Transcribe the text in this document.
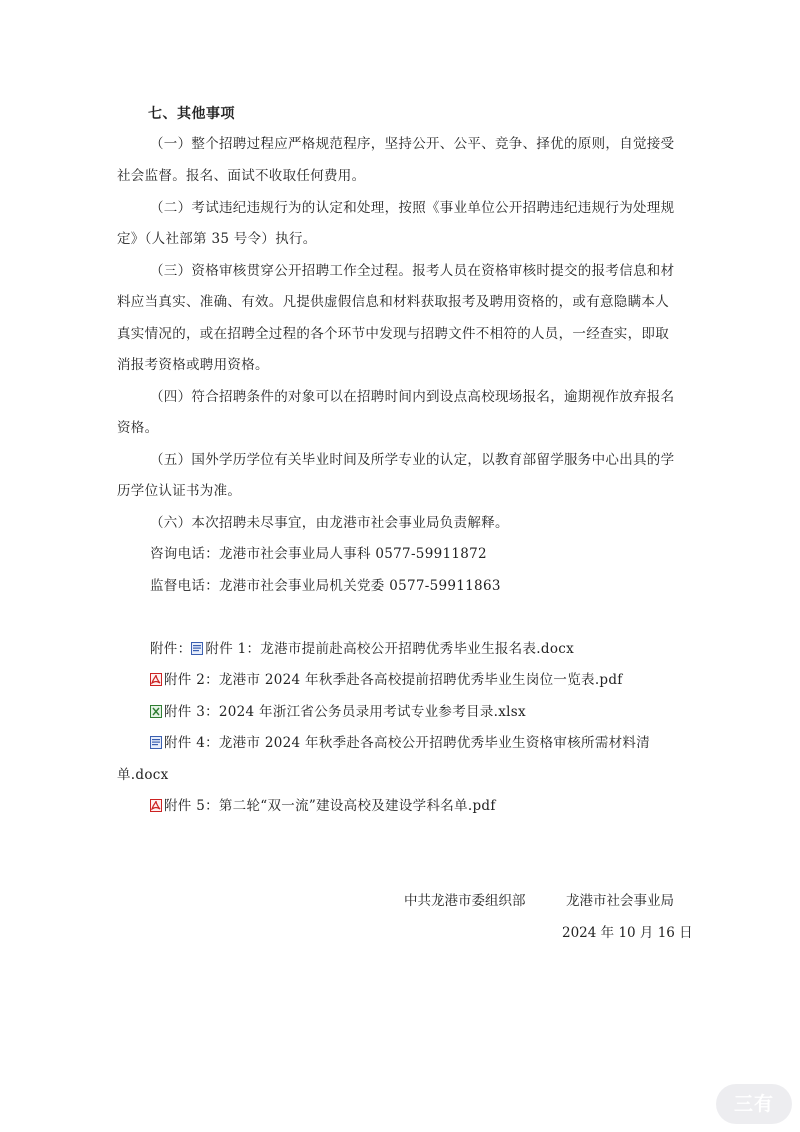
七、其他事项
（一）整个招聘过程应严格规范程序，坚持公开、公平、竞争、择优的原则，自觉接受
社会监督。报名、面试不收取任何费用。
（二）考试违纪违规行为的认定和处理，按照《事业单位公开招聘违纪违规行为处理规
定》（人社部第 35 号令）执行。
（三）资格审核贯穿公开招聘工作全过程。报考人员在资格审核时提交的报考信息和材
料应当真实、准确、有效。凡提供虚假信息和材料获取报考及聘用资格的，或有意隐瞒本人
真实情况的，或在招聘全过程的各个环节中发现与招聘文件不相符的人员，一经查实，即取
消报考资格或聘用资格。
（四）符合招聘条件的对象可以在招聘时间内到设点高校现场报名，逾期视作放弃报名
资格。
（五）国外学历学位有关毕业时间及所学专业的认定，以教育部留学服务中心出具的学
历学位认证书为准。
（六）本次招聘未尽事宜，由龙港市社会事业局负责解释。
咨询电话：龙港市社会事业局人事科 0577-59911872
监督电话：龙港市社会事业局机关党委 0577-59911863
附件： 附件 1：龙港市提前赴高校公开招聘优秀毕业生报名表.docx
附件 2：龙港市 2024 年秋季赴各高校提前招聘优秀毕业生岗位一览表.pdf
附件 3：2024 年浙江省公务员录用考试专业参考目录.xlsx
附件 4：龙港市 2024 年秋季赴各高校公开招聘优秀毕业生资格审核所需材料清
单.docx
附件 5：第二轮“双一流”建设高校及建设学科名单.pdf
中共龙港市委组织部	龙港市社会事业局
2024 年 10 月 16 日
三有
